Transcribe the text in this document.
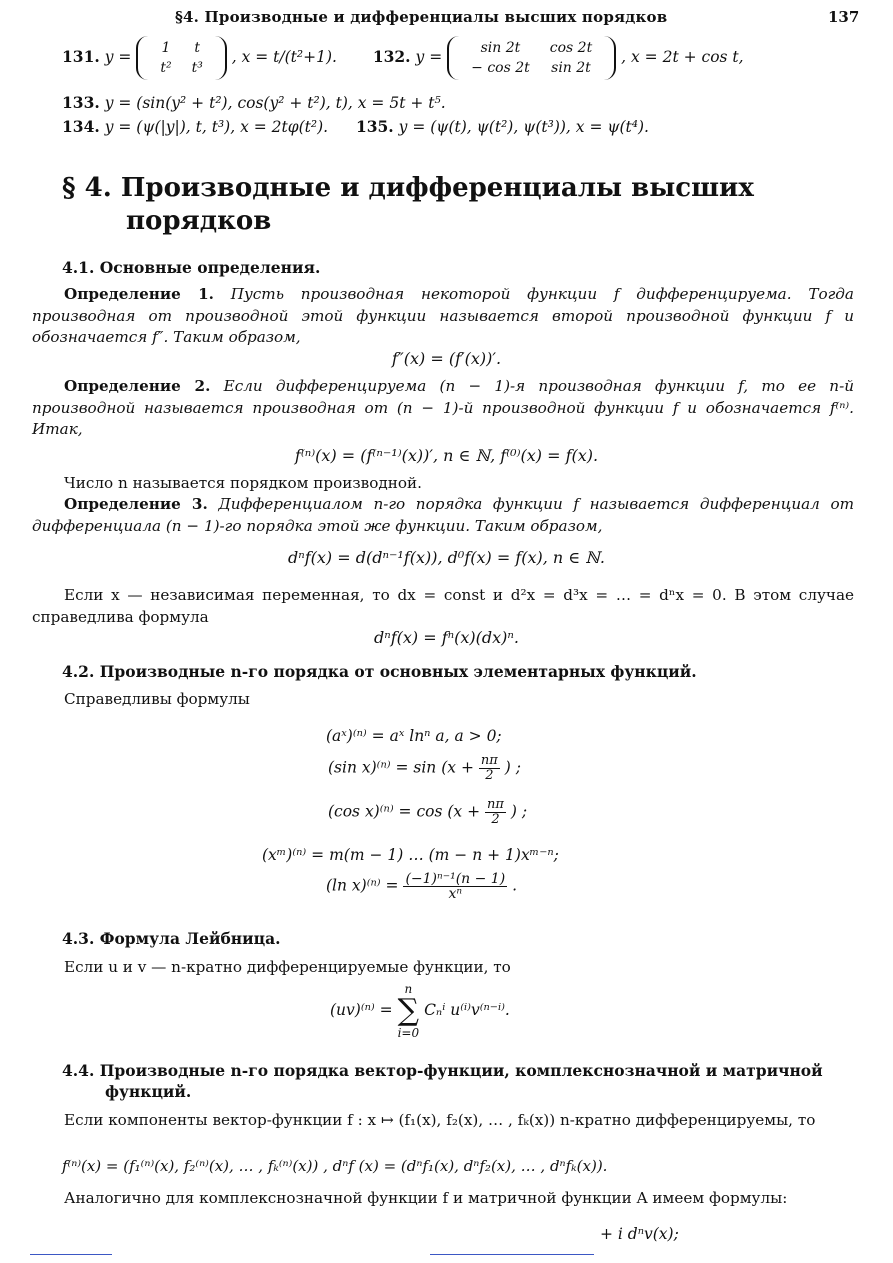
§4. Производные и дифференциалы высших порядков	137
131. y = 1	t
t²	t³
, x = t/(t²+1). 132. y = sin 2t	cos 2t
− cos 2t	sin 2t
, x = 2t + cos t,
133. y = (sin(y² + t²), cos(y² + t²), t), x = 5t + t⁵.
134. y = (ψ(|y|), t, t³), x = 2tφ(t²). 135. y = (ψ(t), ψ(t²), ψ(t³)), x = ψ(t⁴).
§ 4. Производные и дифференциалы высших
порядков
4.1. Основные определения.
Определение 1. Пусть производная некоторой функции f дифференцируема. Тогда производная от производной этой функции называется второй производной функции f и обозначается f″. Таким образом,
f″(x) = (f′(x))′.
Определение 2. Если дифференцируема (n − 1)-я производная функции f, то ее n-й производной называется производная от (n − 1)-й производной функции f и обозначается f⁽ⁿ⁾. Итак,
f⁽ⁿ⁾(x) = (f⁽ⁿ⁻¹⁾(x))′, n ∈ ℕ, f⁽⁰⁾(x) = f(x).
Число n называется порядком производной.
Определение 3. Дифференциалом n-го порядка функции f называется дифференциал от дифференциала (n − 1)-го порядка этой же функции. Таким образом,
dⁿf(x) = d(dⁿ⁻¹f(x)), d⁰f(x) = f(x), n ∈ ℕ.
Если x — независимая переменная, то dx = const и d²x = d³x = … = dⁿx = 0. В этом случае справедлива формула
dⁿf(x) = fⁿ(x)(dx)ⁿ.
4.2. Производные n-го порядка от основных элементарных функций.
Справедливы формулы
(aˣ)⁽ⁿ⁾ = aˣ lnⁿ a, a > 0;
(sin $x)^{(n)} = \sin (x + \frac{n\pi}{2}$ ) ;
(cos $x)^{(n)} = \cos (x + \frac{n\pi}{2}$ ) ;
(xᵐ)⁽ⁿ⁾ = m(m − 1) … (m − n + 1)xᵐ⁻ⁿ;
(ln $x)^{(n)} = \frac{\text{(−1)ⁿ⁻¹(n − 1)}}{\text{xⁿ}}$ .
4.3. Формула Лейбница.
Если u и v — n-кратно дифференцируемые функции, то
(uv)⁽ⁿ⁾ = n
∑
i=0 Cₙⁱ u⁽ⁱ⁾v⁽ⁿ⁻ⁱ⁾.
4.4. Производные n-го порядка вектор-функции, комплекснозначной и матричной
функций.
Если компоненты вектор-функции f : x ↦ (f₁(x), f₂(x), … , fₖ(x)) n-кратно дифференцируемы, то
f⁽ⁿ⁾(x) = (f₁⁽ⁿ⁾(x), f₂⁽ⁿ⁾(x), … , fₖ⁽ⁿ⁾(x)) , dⁿf (x) = (dⁿf₁(x), dⁿf₂(x), … , dⁿfₖ(x)).
Аналогично для комплекснозначной функции f и матричной функции A имеем формулы:
+ i dⁿv(x);
